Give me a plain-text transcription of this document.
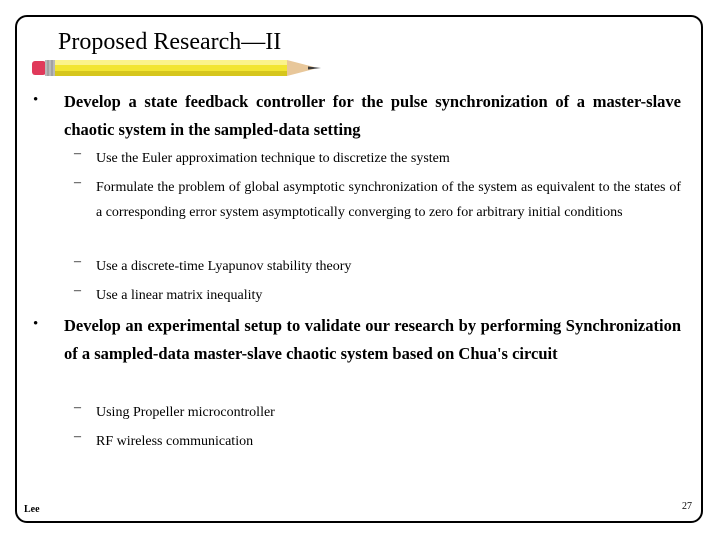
Proposed Research—II
• Develop a state feedback controller for the pulse synchronization of a master-slave chaotic system in the sampled-data setting
– Use the Euler approximation technique to discretize the system
– Formulate the problem of global asymptotic synchronization of the system as equivalent to the states of a corresponding error system asymptotically converging to zero for arbitrary initial conditions
– Use a discrete-time Lyapunov stability theory
– Use a linear matrix inequality
• Develop an experimental setup to validate our research by performing Synchronization of a sampled-data master-slave chaotic system based on Chua's circuit
– Using Propeller microcontroller
– RF wireless communication
Lee	27
